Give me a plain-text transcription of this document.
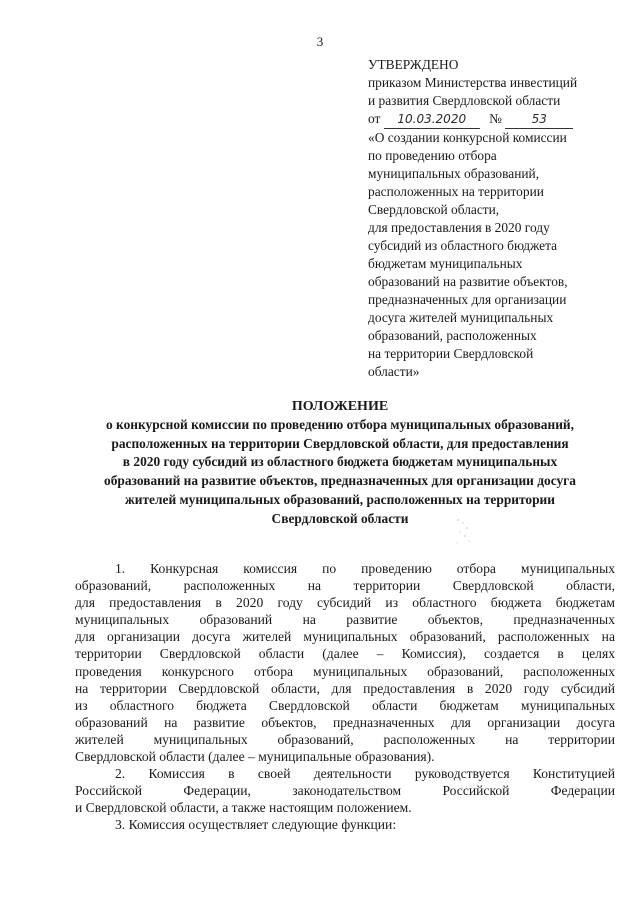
3
УТВЕРЖДЕНО
приказом Министерства инвестиций
и развития Свердловской области
от 10.03.2020 № 53
«О создании конкурсной комиссии
по проведению отбора
муниципальных образований,
расположенных на территории
Свердловской области,
для предоставления в 2020 году
субсидий из областного бюджета
бюджетам муниципальных
образований на развитие объектов,
предназначенных для организации
досуга жителей муниципальных
образований, расположенных
на территории Свердловской
области»
ПОЛОЖЕНИЕ
о конкурсной комиссии по проведению отбора муниципальных образований,
расположенных на территории Свердловской области, для предоставления
в 2020 году субсидий из областного бюджета бюджетам муниципальных
образований на развитие объектов, предназначенных для организации досуга
жителей муниципальных образований, расположенных на территории
Свердловской области
1. Конкурсная комиссия по проведению отбора муниципальных
образований, расположенных на территории Свердловской области,
для предоставления в 2020 году субсидий из областного бюджета бюджетам
муниципальных образований на развитие объектов, предназначенных
для организации досуга жителей муниципальных образований, расположенных на
территории Свердловской области (далее – Комиссия), создается в целях
проведения конкурсного отбора муниципальных образований, расположенных
на территории Свердловской области, для предоставления в 2020 году субсидий
из областного бюджета Свердловской области бюджетам муниципальных
образований на развитие объектов, предназначенных для организации досуга
жителей муниципальных образований, расположенных на территории
Свердловской области (далее – муниципальные образования).
2. Комиссия в своей деятельности руководствуется Конституцией
Российской Федерации, законодательством Российской Федерации
и Свердловской области, а также настоящим положением.
3. Комиссия осуществляет следующие функции:
